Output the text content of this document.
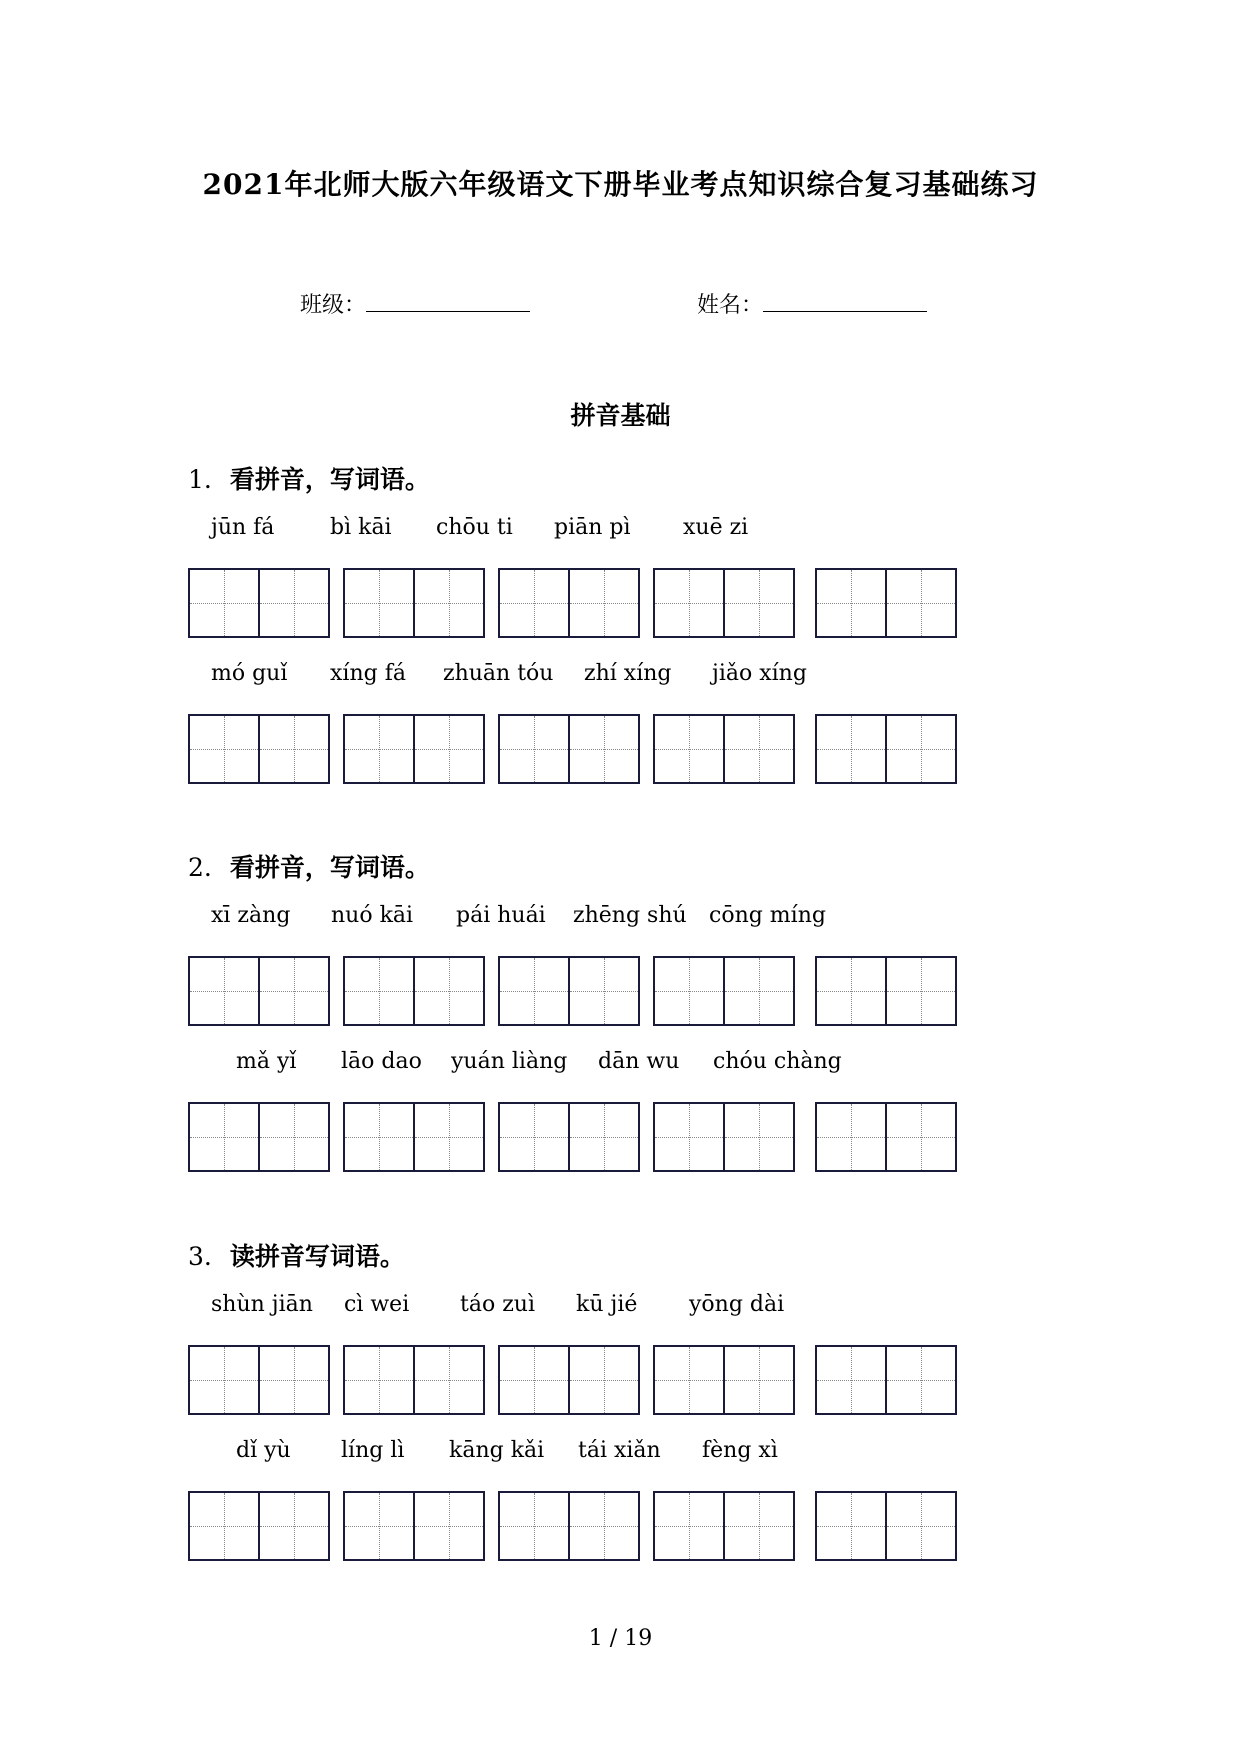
2021年北师大版六年级语文下册毕业考点知识综合复习基础练习
班级：	姓名：
拼音基础
1. 看拼音，写词语。
jūn fá	bì kāi chōu ti piān pì xuē zi
mó guǐ xíng fá zhuān tóu zhí xíng jiǎo xíng
2. 看拼音，写词语。
xī zàng nuó kāi pái huái zhēng shú cōng míng
mǎ yǐ lāo dao yuán liàng dān wu chóu chàng
3. 读拼音写词语。
shùn jiān cì wei táo zuì kū jié yōng dài
dǐ yù líng lì kāng kǎi tái xiǎn fèng xì
1 / 19
